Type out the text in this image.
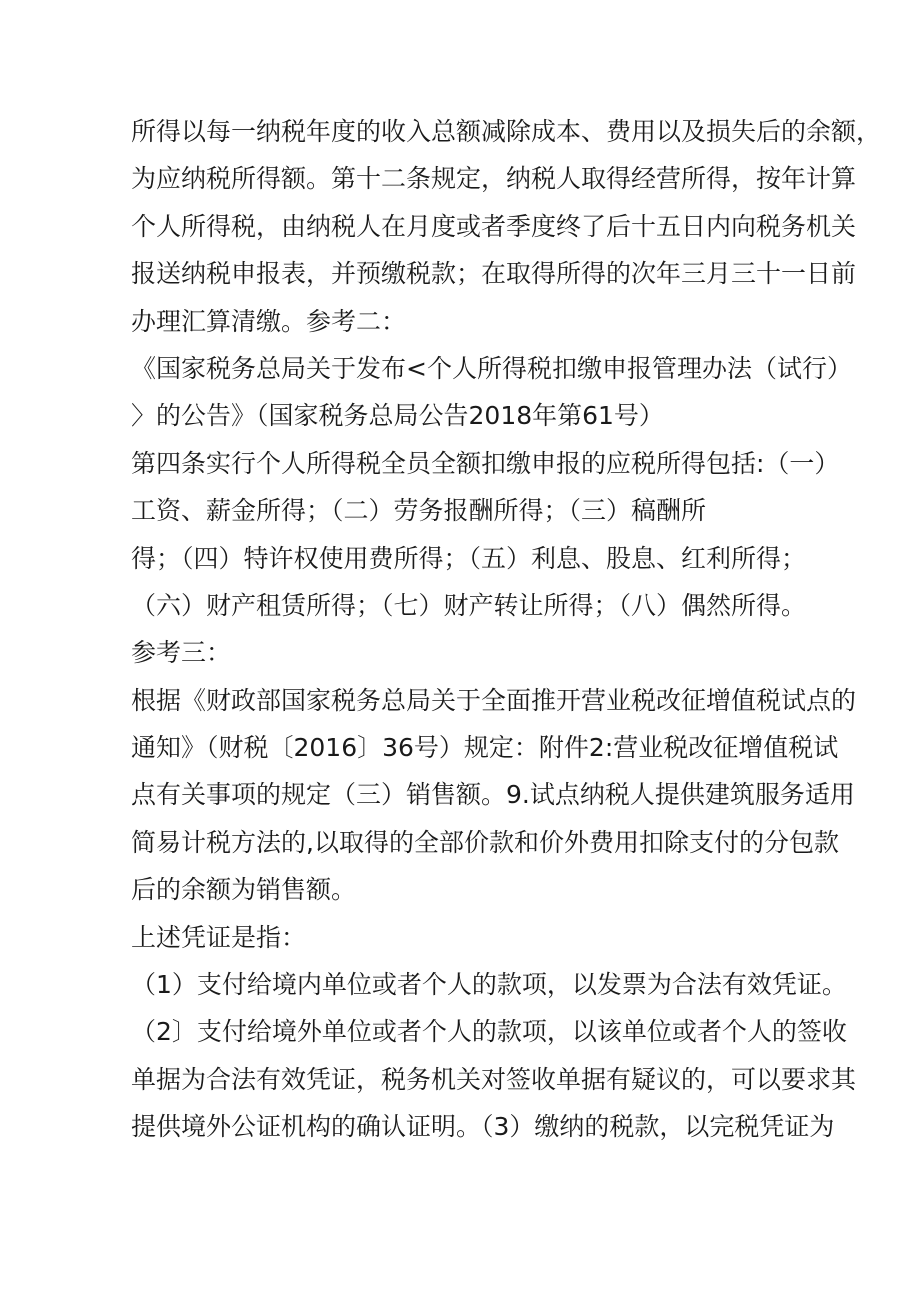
所得以每一纳税年度的收入总额减除成本、费用以及损失后的余额，
为应纳税所得额。第十二条规定，纳税人取得经营所得，按年计算
个人所得税，由纳税人在月度或者季度终了后十五日内向税务机关
报送纳税申报表，并预缴税款；在取得所得的次年三月三十一日前
办理汇算清缴。参考二：
《国家税务总局关于发布<个人所得税扣缴申报管理办法（试行）
〉的公告》（国家税务总局公告2018年第61号）
第四条实行个人所得税全员全额扣缴申报的应税所得包括:（一）
工资、薪金所得；（二）劳务报酬所得；（三）稿酬所
得；（四）特许权使用费所得；（五）利息、股息、红利所得；
（六）财产租赁所得；（七）财产转让所得；（八）偶然所得。
参考三：
根据《财政部国家税务总局关于全面推开营业税改征增值税试点的
通知》（财税〔2016〕36号）规定：附件2:营业税改征增值税试
点有关事项的规定（三）销售额。9.试点纳税人提供建筑服务适用
简易计税方法的,以取得的全部价款和价外费用扣除支付的分包款
后的余额为销售额。
上述凭证是指：
（1）支付给境内单位或者个人的款项，以发票为合法有效凭证。
（2〕支付给境外单位或者个人的款项，以该单位或者个人的签收
单据为合法有效凭证，税务机关对签收单据有疑议的，可以要求其
提供境外公证机构的确认证明。（3）缴纳的税款，以完税凭证为
